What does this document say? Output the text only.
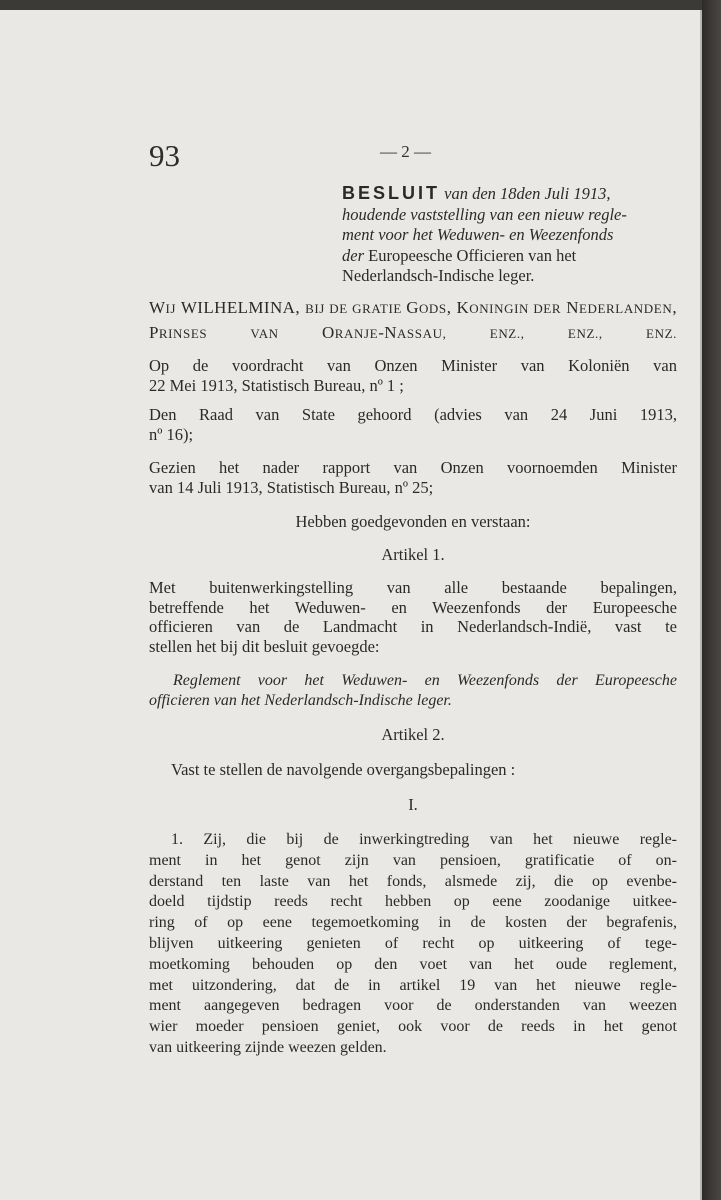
93	— 2 —
BESLUIT van den 18den Juli 1913,
houdende vaststelling van een nieuw regle-
ment voor het Weduwen- en Weezenfonds

der Europeesche Officieren van het
Nederlandsch-Indische leger.
WIJ WILHELMINA, BIJ DE GRATIE GODS, KONINGIN DER NEDERLANDEN, PRINSES VAN ORANJE-NASSAU, ENZ., ENZ., ENZ.
Op de voordracht van Onzen Minister van Koloniën van
22 Mei 1913, Statistisch Bureau, nº 1 ;
Den Raad van State gehoord (advies van 24 Juni 1913,
nº 16);
Gezien het nader rapport van Onzen voornoemden Minister
van 14 Juli 1913, Statistisch Bureau, nº 25;
Hebben goedgevonden en verstaan:
Artikel 1.
Met buitenwerkingstelling van alle bestaande bepalingen,
betreffende het Weduwen- en Weezenfonds der Europeesche
officieren van de Landmacht in Nederlandsch-Indië, vast te
stellen het bij dit besluit gevoegde:
Reglement voor het Weduwen- en Weezenfonds der Europeesche
officieren van het Nederlandsch-Indische leger.
Artikel 2.
Vast te stellen de navolgende overgangsbepalingen :
I.
1. Zij, die bij de inwerkingtreding van het nieuwe regle-
ment in het genot zijn van pensioen, gratificatie of on-
derstand ten laste van het fonds, alsmede zij, die op evenbe-
doeld tijdstip reeds recht hebben op eene zoodanige uitkee-
ring of op eene tegemoetkoming in de kosten der begrafenis,
blijven uitkeering genieten of recht op uitkeering of tege-
moetkoming behouden op den voet van het oude reglement,
met uitzondering, dat de in artikel 19 van het nieuwe regle-
ment aangegeven bedragen voor de onderstanden van weezen
wier moeder pensioen geniet, ook voor de reeds in het genot
van uitkeering zijnde weezen gelden.
